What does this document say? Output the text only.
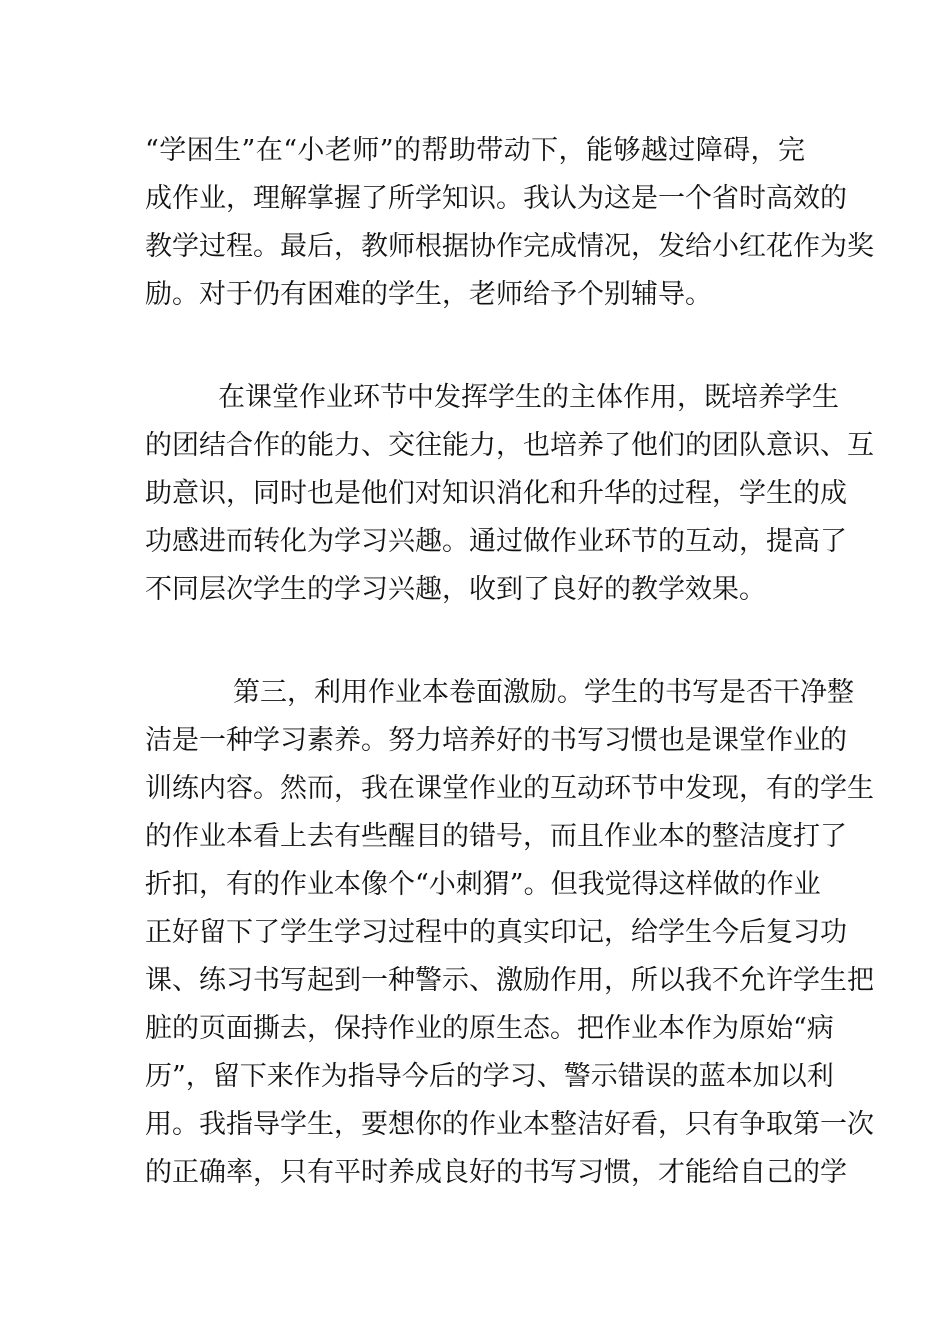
“学困生”在“小老师”的帮助带动下，能够越过障碍，完
成作业，理解掌握了所学知识。我认为这是一个省时高效的
教学过程。最后，教师根据协作完成情况，发给小红花作为奖
励。对于仍有困难的学生，老师给予个别辅导。
在课堂作业环节中发挥学生的主体作用，既培养学生
的团结合作的能力、交往能力，也培养了他们的团队意识、互
助意识，同时也是他们对知识消化和升华的过程，学生的成
功感进而转化为学习兴趣。通过做作业环节的互动，提高了
不同层次学生的学习兴趣，收到了良好的教学效果。
第三，利用作业本卷面激励。学生的书写是否干净整
洁是一种学习素养。努力培养好的书写习惯也是课堂作业的
训练内容。然而，我在课堂作业的互动环节中发现，有的学生
的作业本看上去有些醒目的错号，而且作业本的整洁度打了
折扣，有的作业本像个“小刺猬”。但我觉得这样做的作业
正好留下了学生学习过程中的真实印记，给学生今后复习功
课、练习书写起到一种警示、激励作用，所以我不允许学生把
脏的页面撕去，保持作业的原生态。把作业本作为原始“病
历”，留下来作为指导今后的学习、警示错误的蓝本加以利
用。我指导学生，要想你的作业本整洁好看，只有争取第一次
的正确率，只有平时养成良好的书写习惯，才能给自己的学
